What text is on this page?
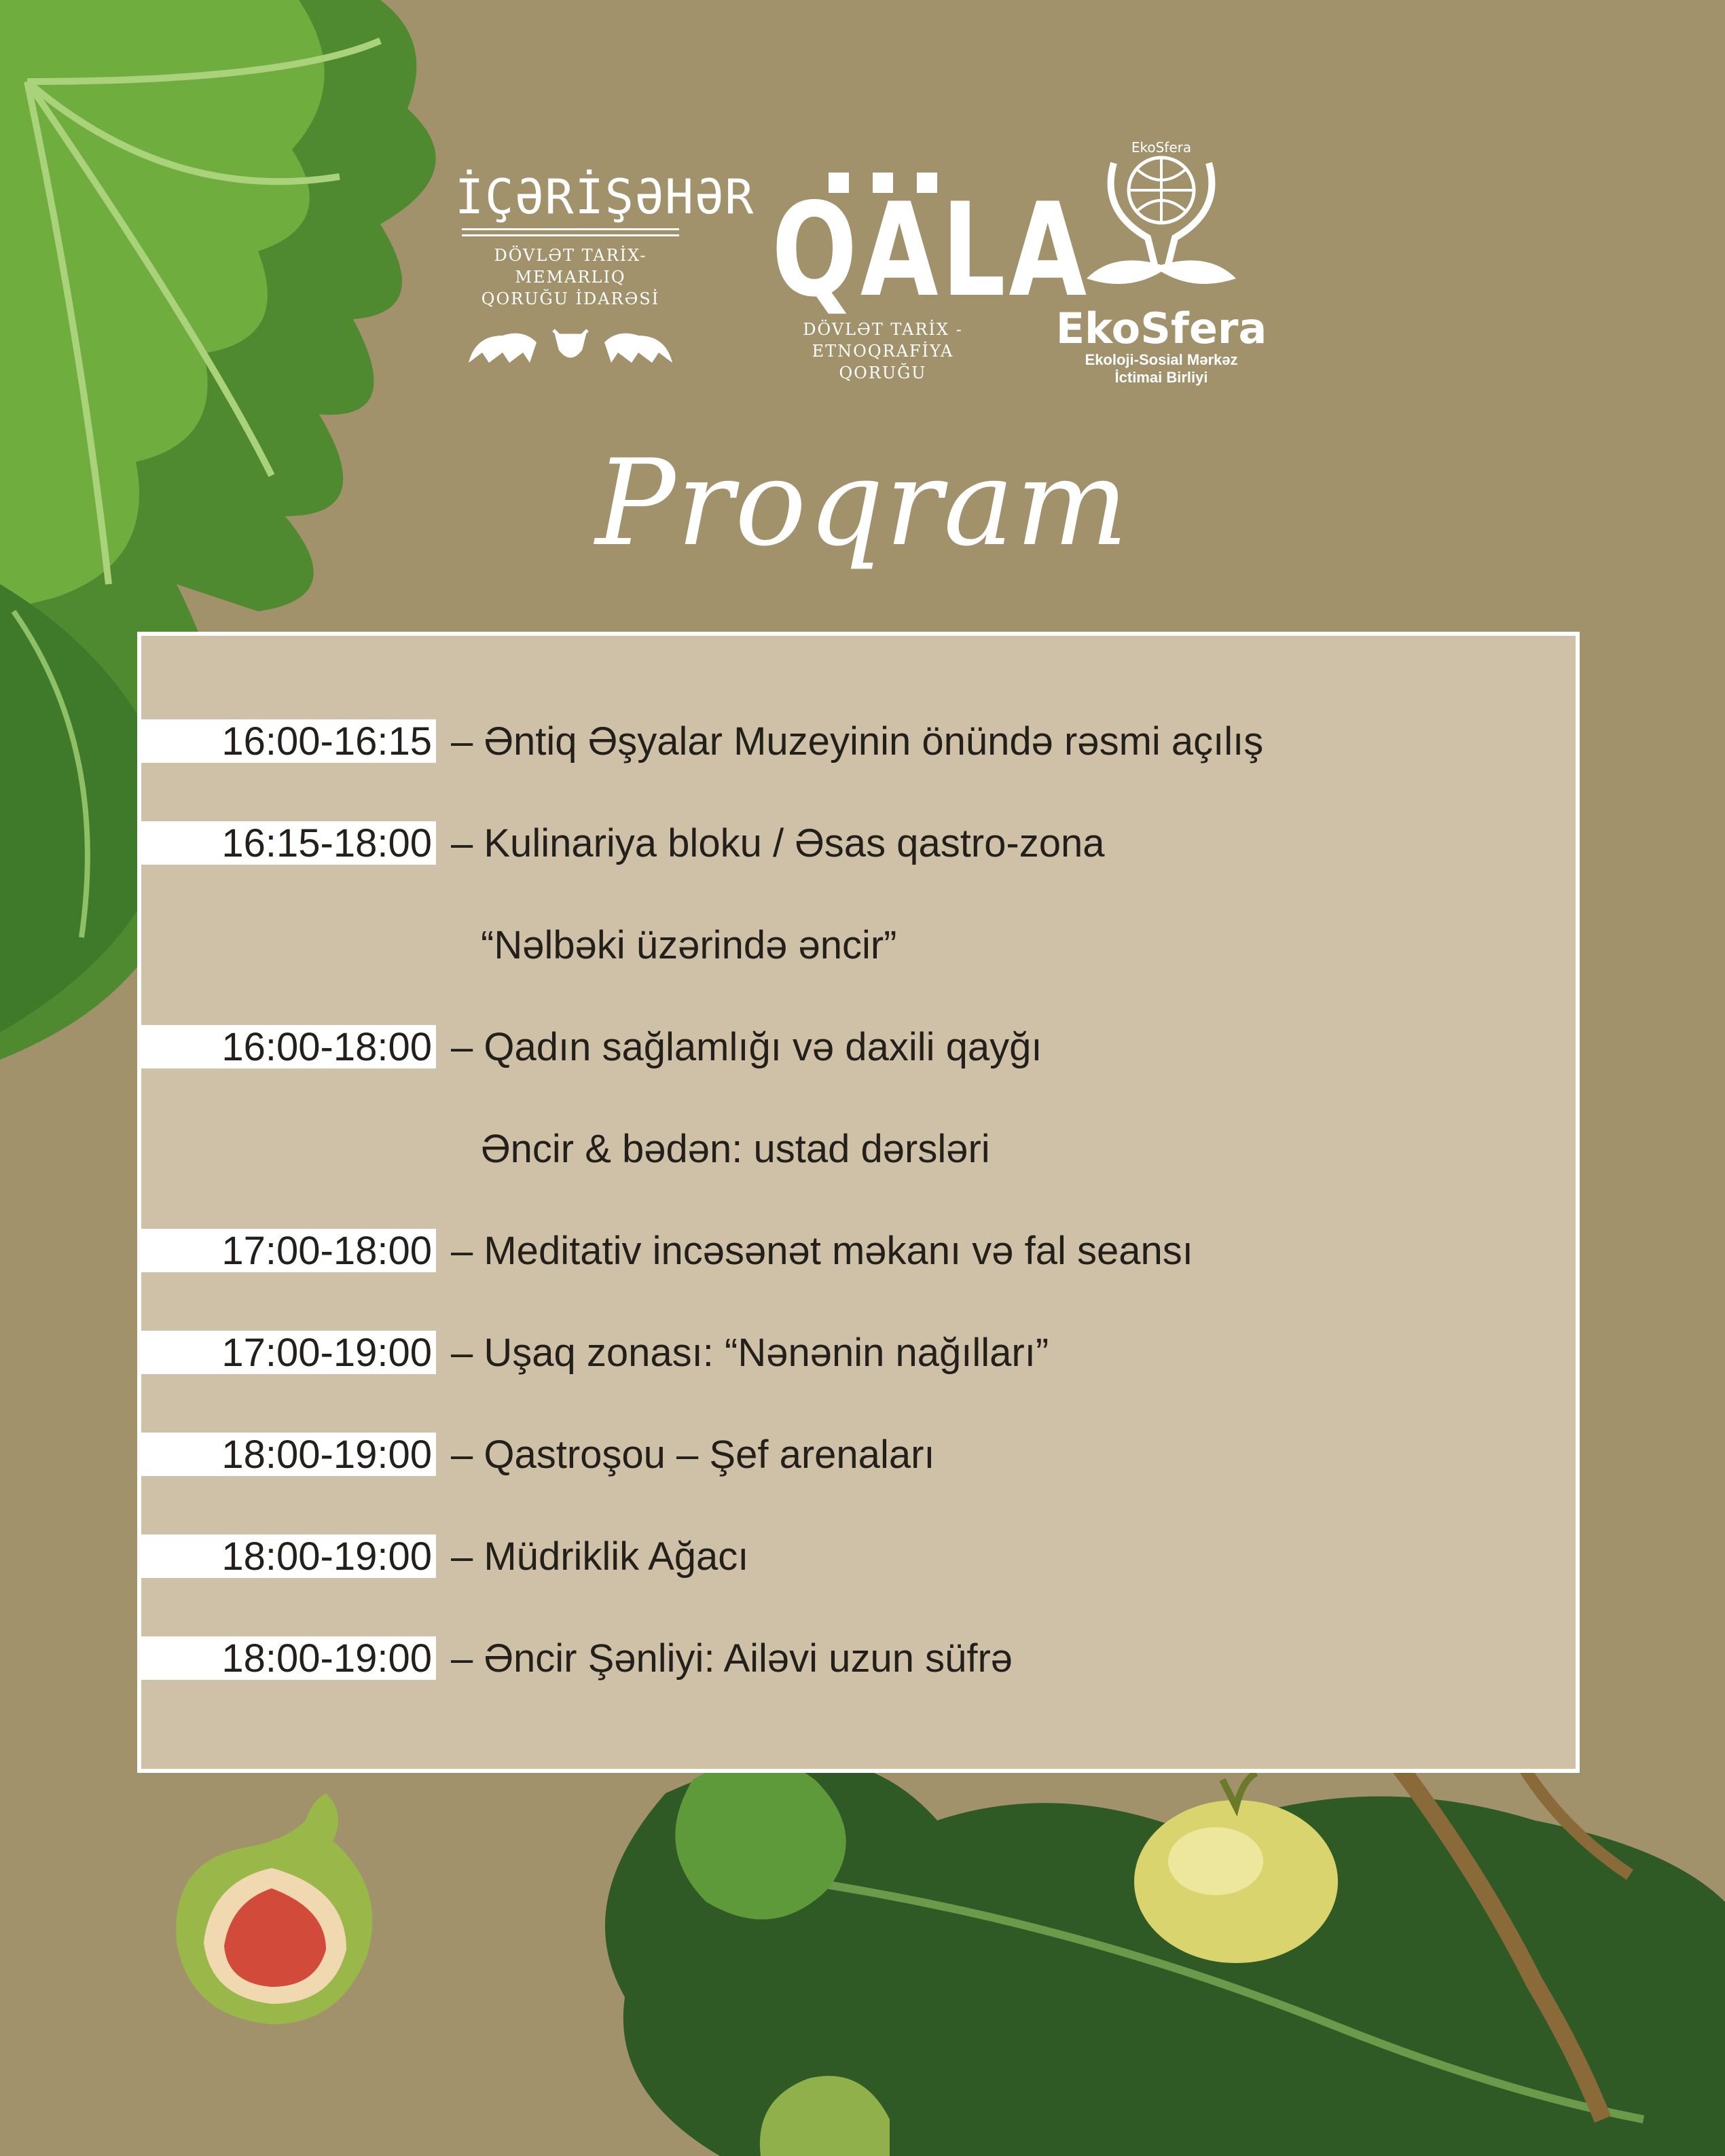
İÇƏRİŞƏHƏR
DÖVLƏT TARİX-MEMARLIQ
QORUĞU İDARƏSİ QALA
DÖVLƏT TARİX -ETNOQRAFİYA
QORUĞU
EkoSfera
EkoSfera
Ekoloji-Sosial Mərkəz
İctimai Birliyi
Proqram
16:00-16:15 – Əntiq Əşyalar Muzeyinin önündə rəsmi açılış
16:15-18:00 – Kulinariya bloku / Əsas qastro-zona
“Nəlbəki üzərində əncir”
16:00-18:00 – Qadın sağlamlığı və daxili qayğı
Əncir & bədən: ustad dərsləri
17:00-18:00 – Meditativ incəsənət məkanı və fal seansı
17:00-19:00 – Uşaq zonası: “Nənənin nağılları”
18:00-19:00 – Qastroşou – Şef arenaları
18:00-19:00 – Müdriklik Ağacı
18:00-19:00 – Əncir Şənliyi: Ailəvi uzun süfrə
